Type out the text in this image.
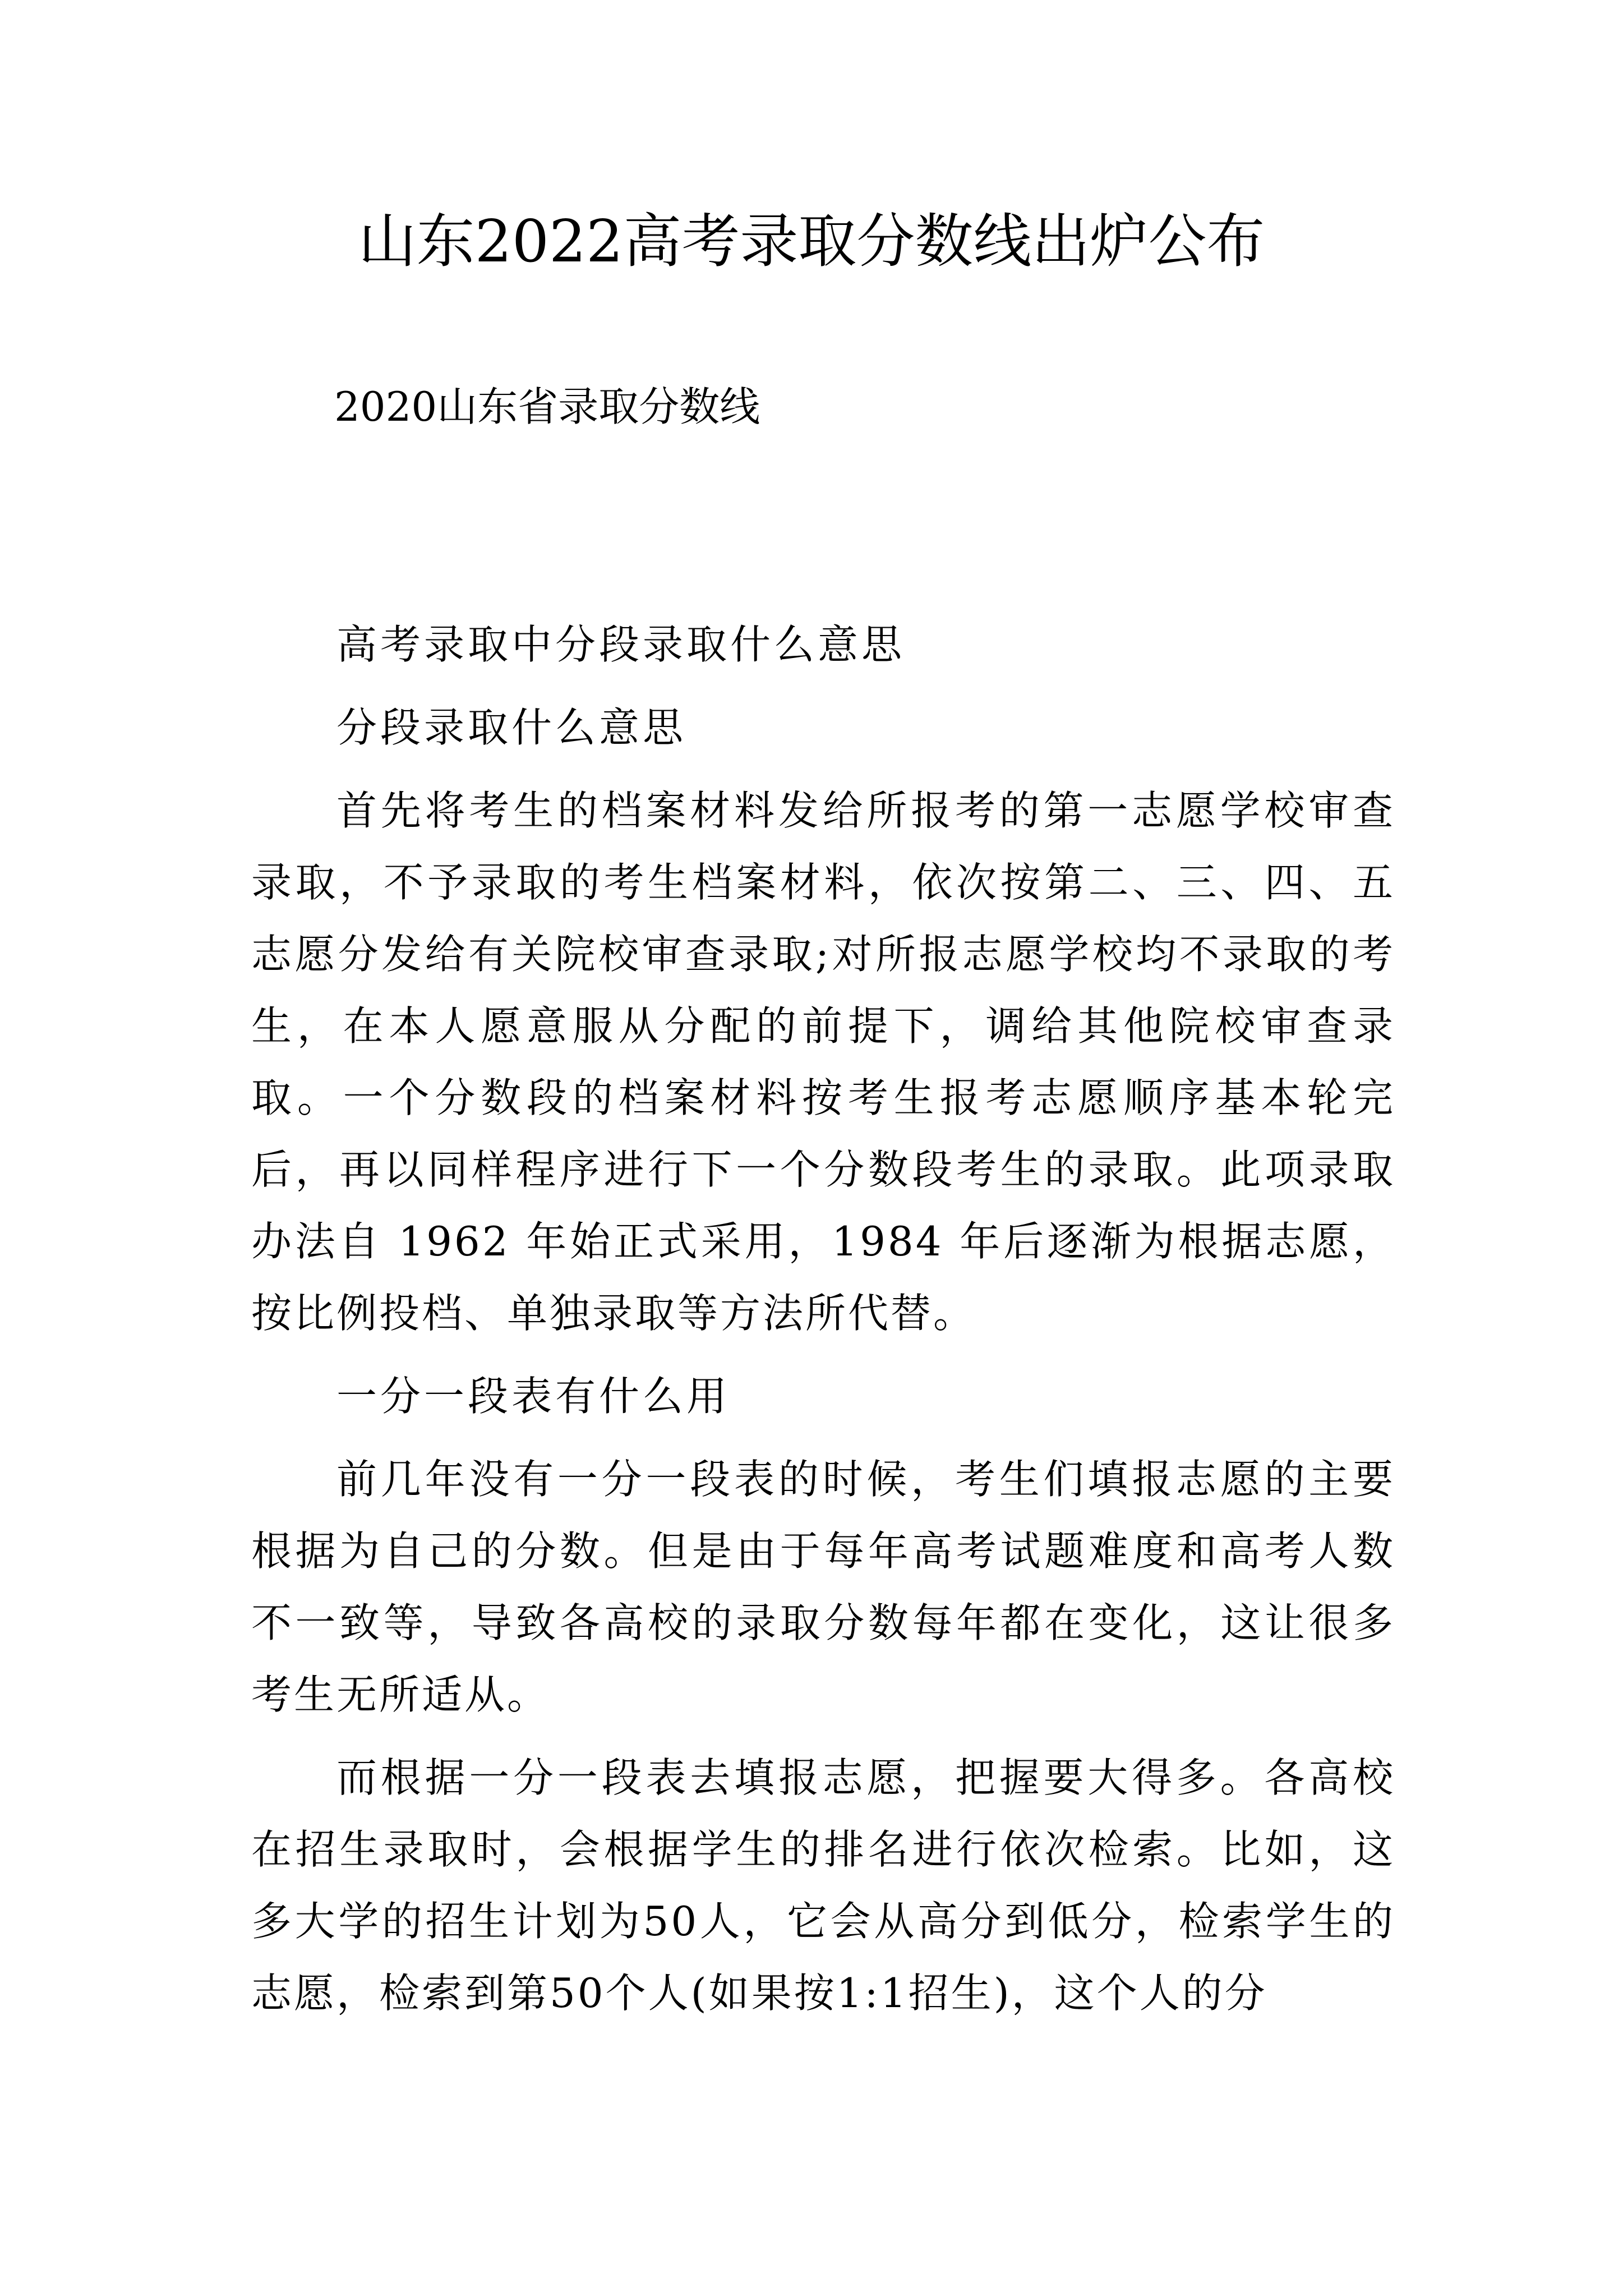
山东2022高考录取分数线出炉公布

2020山东省录取分数线

高考录取中分段录取什么意思

分段录取什么意思

首先将考生的档案材料发给所报考的第一志愿学校审查录取，不予录取的考生档案材料，依次按第二、三、四、五志愿分发给有关院校审查录取;对所报志愿学校均不录取的考生，在本人愿意服从分配的前提下，调给其他院校审查录取。一个分数段的档案材料按考生报考志愿顺序基本轮完后，再以同样程序进行下一个分数段考生的录取。此项录取办法自 1962 年始正式采用，1984 年后逐渐为根据志愿，按比例投档、单独录取等方法所代替。

一分一段表有什么用

前几年没有一分一段表的时候，考生们填报志愿的主要根据为自己的分数。但是由于每年高考试题难度和高考人数不一致等，导致各高校的录取分数每年都在变化，这让很多考生无所适从。

而根据一分一段表去填报志愿，把握要大得多。各高校在招生录取时，会根据学生的排名进行依次检索。比如，这多大学的招生计划为50人，它会从高分到低分，检索学生的志愿，检索到第50个人(如果按1:1招生)，这个人的分
